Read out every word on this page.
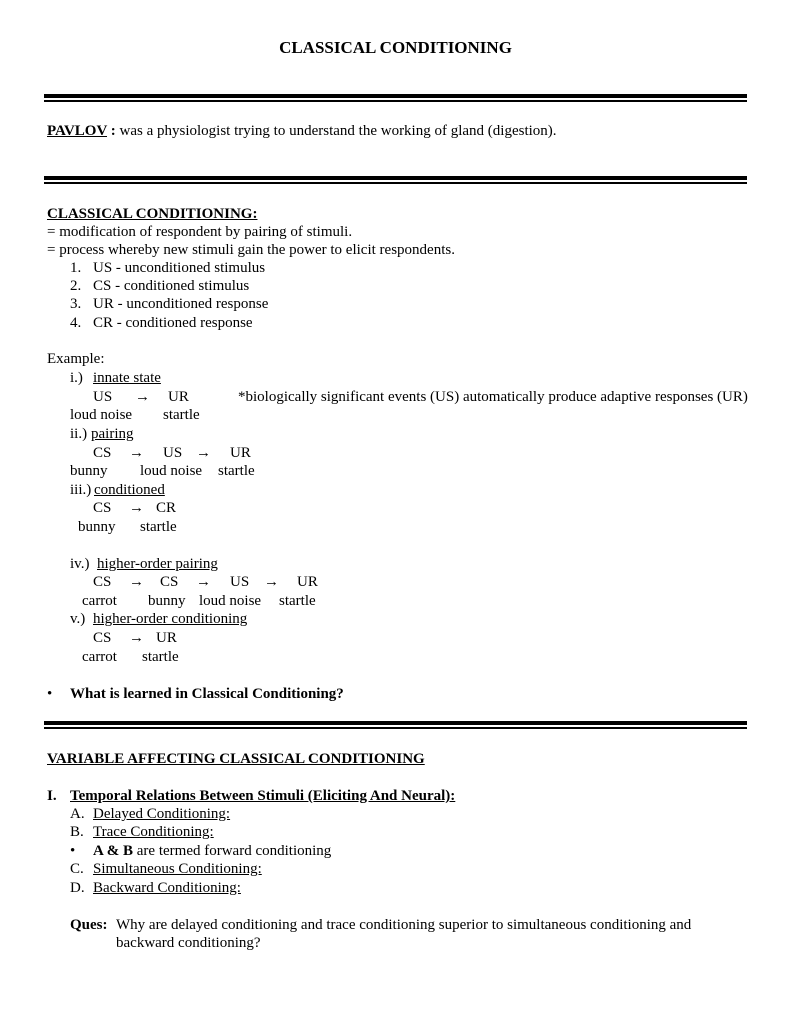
CLASSICAL CONDITIONING
PAVLOV : was a physiologist trying to understand the working of gland (digestion).
CLASSICAL CONDITIONING:
= modification of respondent by pairing of stimuli.
= process whereby new stimuli gain the power to elicit respondents.
1. US - unconditioned stimulus
2. CS - conditioned stimulus
3. UR - unconditioned response
4. CR - conditioned response
Example:
i.) innate state
US → UR	*biologically significant events (US) automatically produce adaptive responses (UR)
loud noise startle
ii.) pairing
CS → US → UR
bunny loud noise startle
iii.) conditioned
CS → CR
bunny startle
iv.) higher-order pairing
CS → CS → US → UR
carrot bunny loud noise startle
v.) higher-order conditioning
CS → UR
carrot startle
• What is learned in Classical Conditioning?
VARIABLE AFFECTING CLASSICAL CONDITIONING
I. Temporal Relations Between Stimuli (Eliciting And Neural):
A. Delayed Conditioning:
B. Trace Conditioning:
• A & B are termed forward conditioning
C. Simultaneous Conditioning:
D. Backward Conditioning:
Ques: Why are delayed conditioning and trace conditioning superior to simultaneous conditioning and
backward conditioning?
